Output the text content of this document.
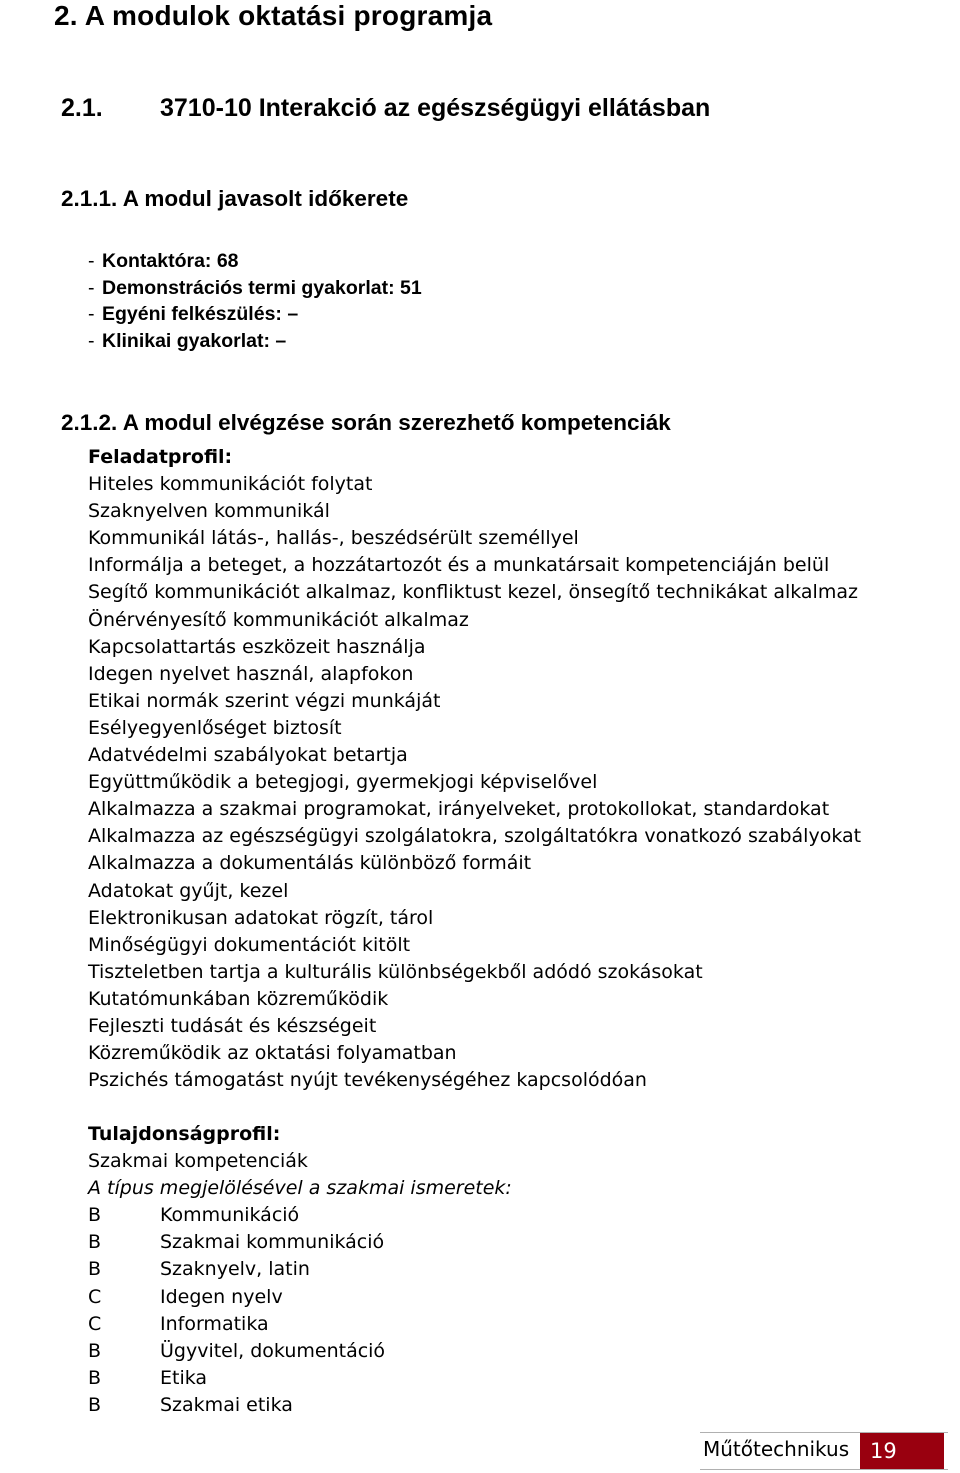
2. A modulok oktatási programja
2.1. 3710-10 Interakció az egészségügyi ellátásban
2.1.1. A modul javasolt időkerete
- Kontaktóra: 68
- Demonstrációs termi gyakorlat: 51
- Egyéni felkészülés: –
- Klinikai gyakorlat: –
2.1.2. A modul elvégzése során szerezhető kompetenciák
Feladatprofil:
Hiteles kommunikációt folytat
Szaknyelven kommunikál
Kommunikál látás-, hallás-, beszédsérült személlyel
Informálja a beteget, a hozzátartozót és a munkatársait kompetenciáján belül
Segítő kommunikációt alkalmaz, konfliktust kezel, önsegítő technikákat alkalmaz
Önérvényesítő kommunikációt alkalmaz
Kapcsolattartás eszközeit használja
Idegen nyelvet használ, alapfokon
Etikai normák szerint végzi munkáját
Esélyegyenlőséget biztosít
Adatvédelmi szabályokat betartja
Együttműködik a betegjogi, gyermekjogi képviselővel
Alkalmazza a szakmai programokat, irányelveket, protokollokat, standardokat
Alkalmazza az egészségügyi szolgálatokra, szolgáltatókra vonatkozó szabályokat
Alkalmazza a dokumentálás különböző formáit
Adatokat gyűjt, kezel
Elektronikusan adatokat rögzít, tárol
Minőségügyi dokumentációt kitölt
Tiszteletben tartja a kulturális különbségekből adódó szokásokat
Kutatómunkában közreműködik
Fejleszti tudását és készségeit
Közreműködik az oktatási folyamatban
Pszichés támogatást nyújt tevékenységéhez kapcsolódóan
Tulajdonságprofil:
Szakmai kompetenciák
A típus megjelölésével a szakmai ismeretek:
B	Kommunikáció
B	Szakmai kommunikáció
B	Szaknyelv, latin
C	Idegen nyelv
C	Informatika
B	Ügyvitel, dokumentáció
B	Etika
B	Szakmai etika
Műtőtechnikus 19
